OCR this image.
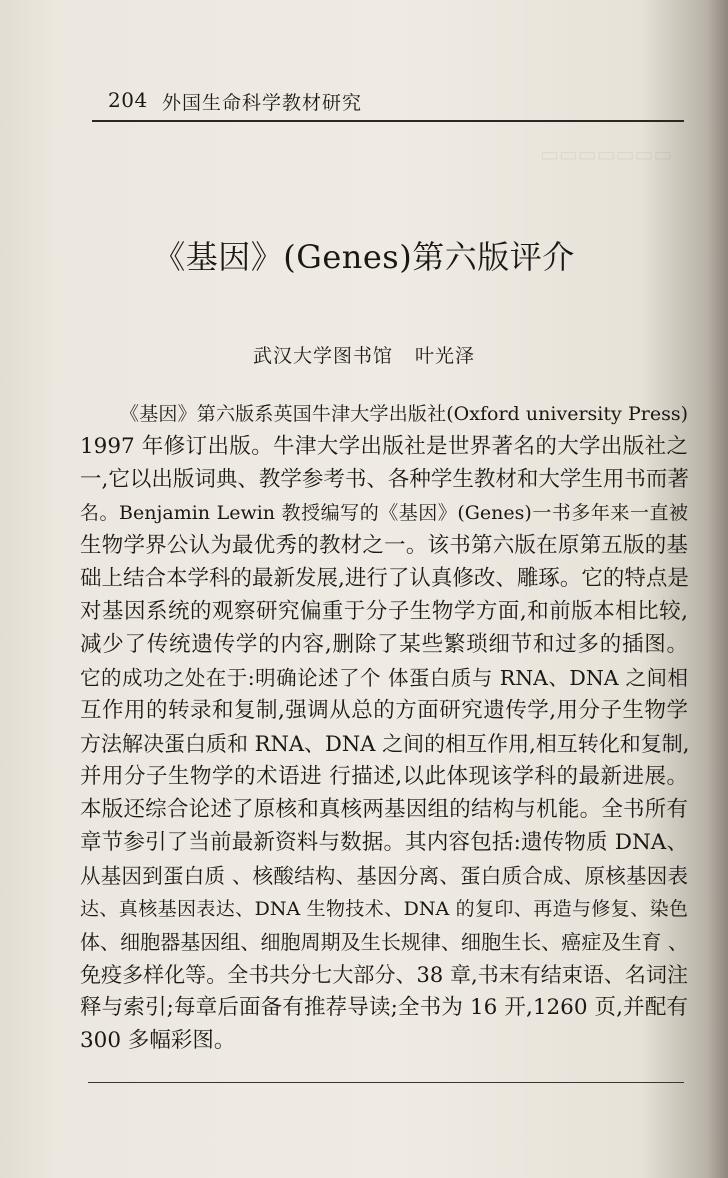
▭▭▭▭▭▭▭
204 外国生命科学教材研究
《基因》(Genes)第六版评介
武汉大学图书馆 叶光泽
《基因》第六版系英国牛津大学出版社(Oxford university Press)
1997 年修订出版。牛津大学出版社是世界著名的大学出版社之
一,它以出版词典、教学参考书、各种学生教材和大学生用书而著
名。Benjamin Lewin 教授编写的《基因》(Genes)一书多年来一直被
生物学界公认为最优秀的教材之一。该书第六版在原第五版的基
础上结合本学科的最新发展,进行了认真修改、雕琢。它的特点是
对基因系统的观察研究偏重于分子生物学方面,和前版本相比较,
减少了传统遗传学的内容,删除了某些繁琐细节和过多的插图。
它的成功之处在于:明确论述了个 体蛋白质与 RNA、DNA 之间相
互作用的转录和复制,强调从总的方面研究遗传学,用分子生物学
方法解决蛋白质和 RNA、DNA 之间的相互作用,相互转化和复制,
并用分子生物学的术语进 行描述,以此体现该学科的最新进展。
本版还综合论述了原核和真核两基因组的结构与机能。全书所有
章节参引了当前最新资料与数据。其内容包括:遗传物质 DNA、
从基因到蛋白质 、核酸结构、基因分离、蛋白质合成、原核基因表
达、真核基因表达、DNA 生物技术、DNA 的复印、再造与修复、染色
体、细胞器基因组、细胞周期及生长规律、细胞生长、癌症及生育 、
免疫多样化等。全书共分七大部分、38 章,书末有结束语、名词注
释与索引;每章后面备有推荐导读;全书为 16 开,1260 页,并配有
300 多幅彩图。
